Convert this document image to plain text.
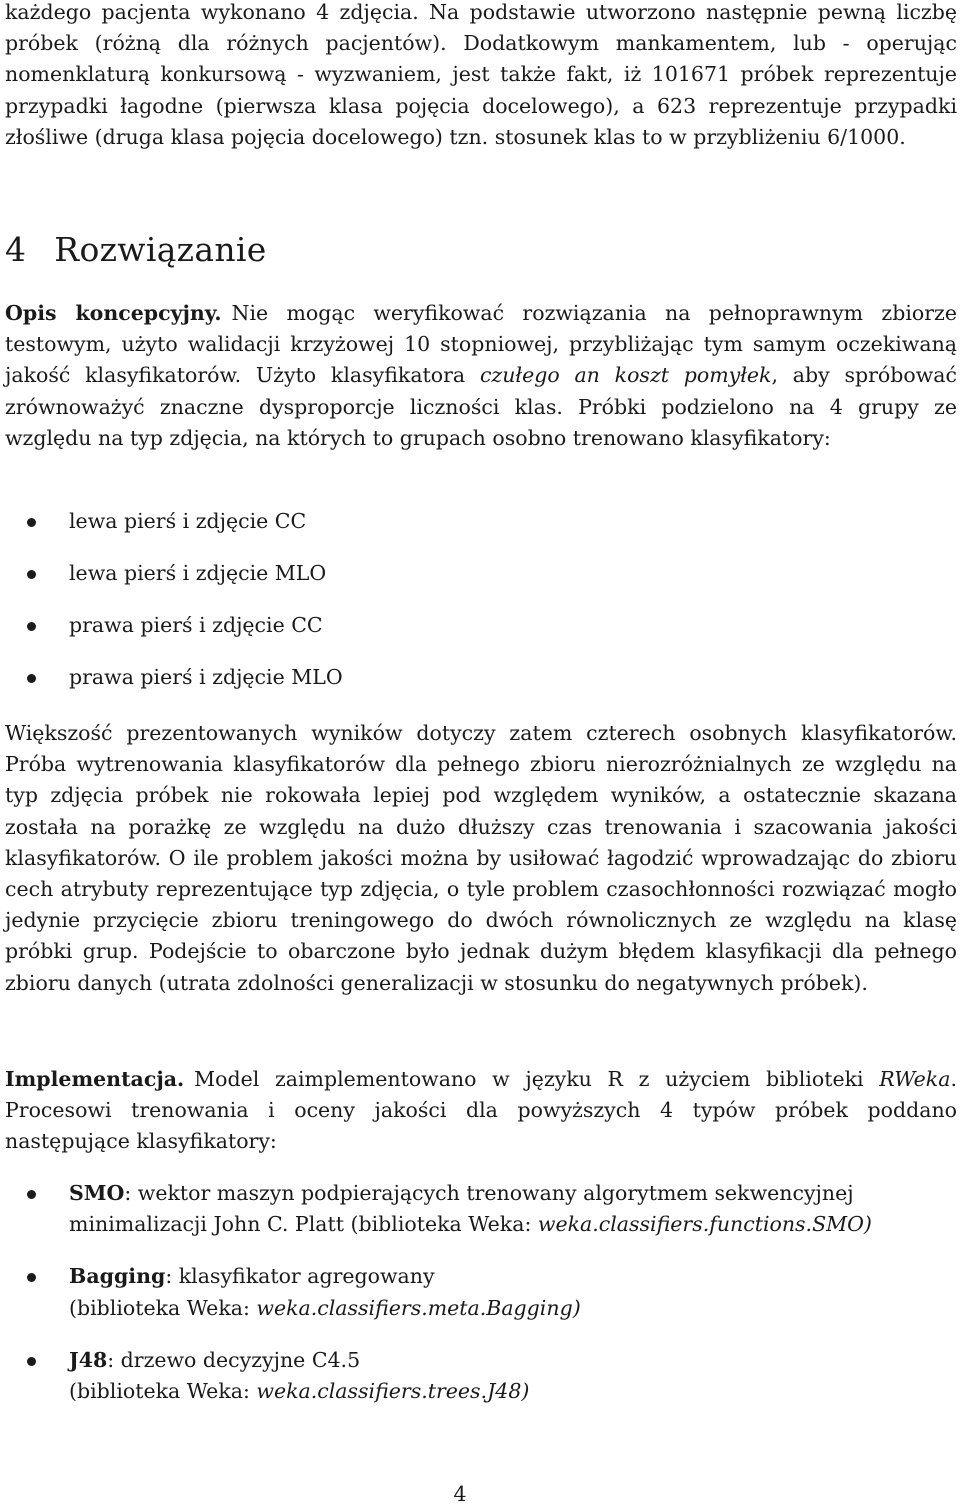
każdego pacjenta wykonano 4 zdjęcia. Na podstawie utworzono następnie pewną liczbę próbek (różną dla różnych pacjentów). Dodatkowym mankamentem, lub - operując nomenklaturą konkursową - wyzwaniem, jest także fakt, iż 101671 próbek reprezentuje przypadki łagodne (pierwsza klasa pojęcia docelowego), a 623 reprezentuje przypadki złośliwe (druga klasa pojęcia docelowego) tzn. stosunek klas to w przybliżeniu 6/1000.

4 Rozwiązanie

Opis koncepcyjny. Nie mogąc weryfikować rozwiązania na pełnoprawnym zbiorze testowym, użyto walidacji krzyżowej 10 stopniowej, przybliżając tym samym oczekiwaną jakość klasyfikatorów. Użyto klasyfikatora czułego an koszt pomyłek, aby spróbować zrównoważyć znaczne dysproporcje liczności klas. Próbki podzielono na 4 grupy ze względu na typ zdjęcia, na których to grupach osobno trenowano klasyfikatory:

lewa pierś i zdjęcie CC
lewa pierś i zdjęcie MLO
prawa pierś i zdjęcie CC
prawa pierś i zdjęcie MLO

Większość prezentowanych wyników dotyczy zatem czterech osobnych klasyfikatorów. Próba wytrenowania klasyfikatorów dla pełnego zbioru nierozróżnialnych ze względu na typ zdjęcia próbek nie rokowała lepiej pod względem wyników, a ostatecznie skazana została na porażkę ze względu na dużo dłuższy czas trenowania i szacowania jakości klasyfikatorów. O ile problem jakości można by usiłować łagodzić wprowadzając do zbioru cech atrybuty reprezentujące typ zdjęcia, o tyle problem czasochłonności rozwiązać mogło jedynie przycięcie zbioru treningowego do dwóch równolicznych ze względu na klasę próbki grup. Podejście to obarczone było jednak dużym błędem klasyfikacji dla pełnego zbioru danych (utrata zdolności generalizacji w stosunku do negatywnych próbek).

Implementacja. Model zaimplementowano w języku R z użyciem biblioteki RWeka. Procesowi trenowania i oceny jakości dla powyższych 4 typów próbek poddano następujące klasyfikatory:

SMO: wektor maszyn podpierających trenowany algorytmem sekwencyjnej minimalizacji John C. Platt (biblioteka Weka: weka.classifiers.functions.SMO)
Bagging: klasyfikator agregowany
(biblioteka Weka: weka.classifiers.meta.Bagging)
J48: drzewo decyzyjne C4.5
(biblioteka Weka: weka.classifiers.trees.J48)
4
